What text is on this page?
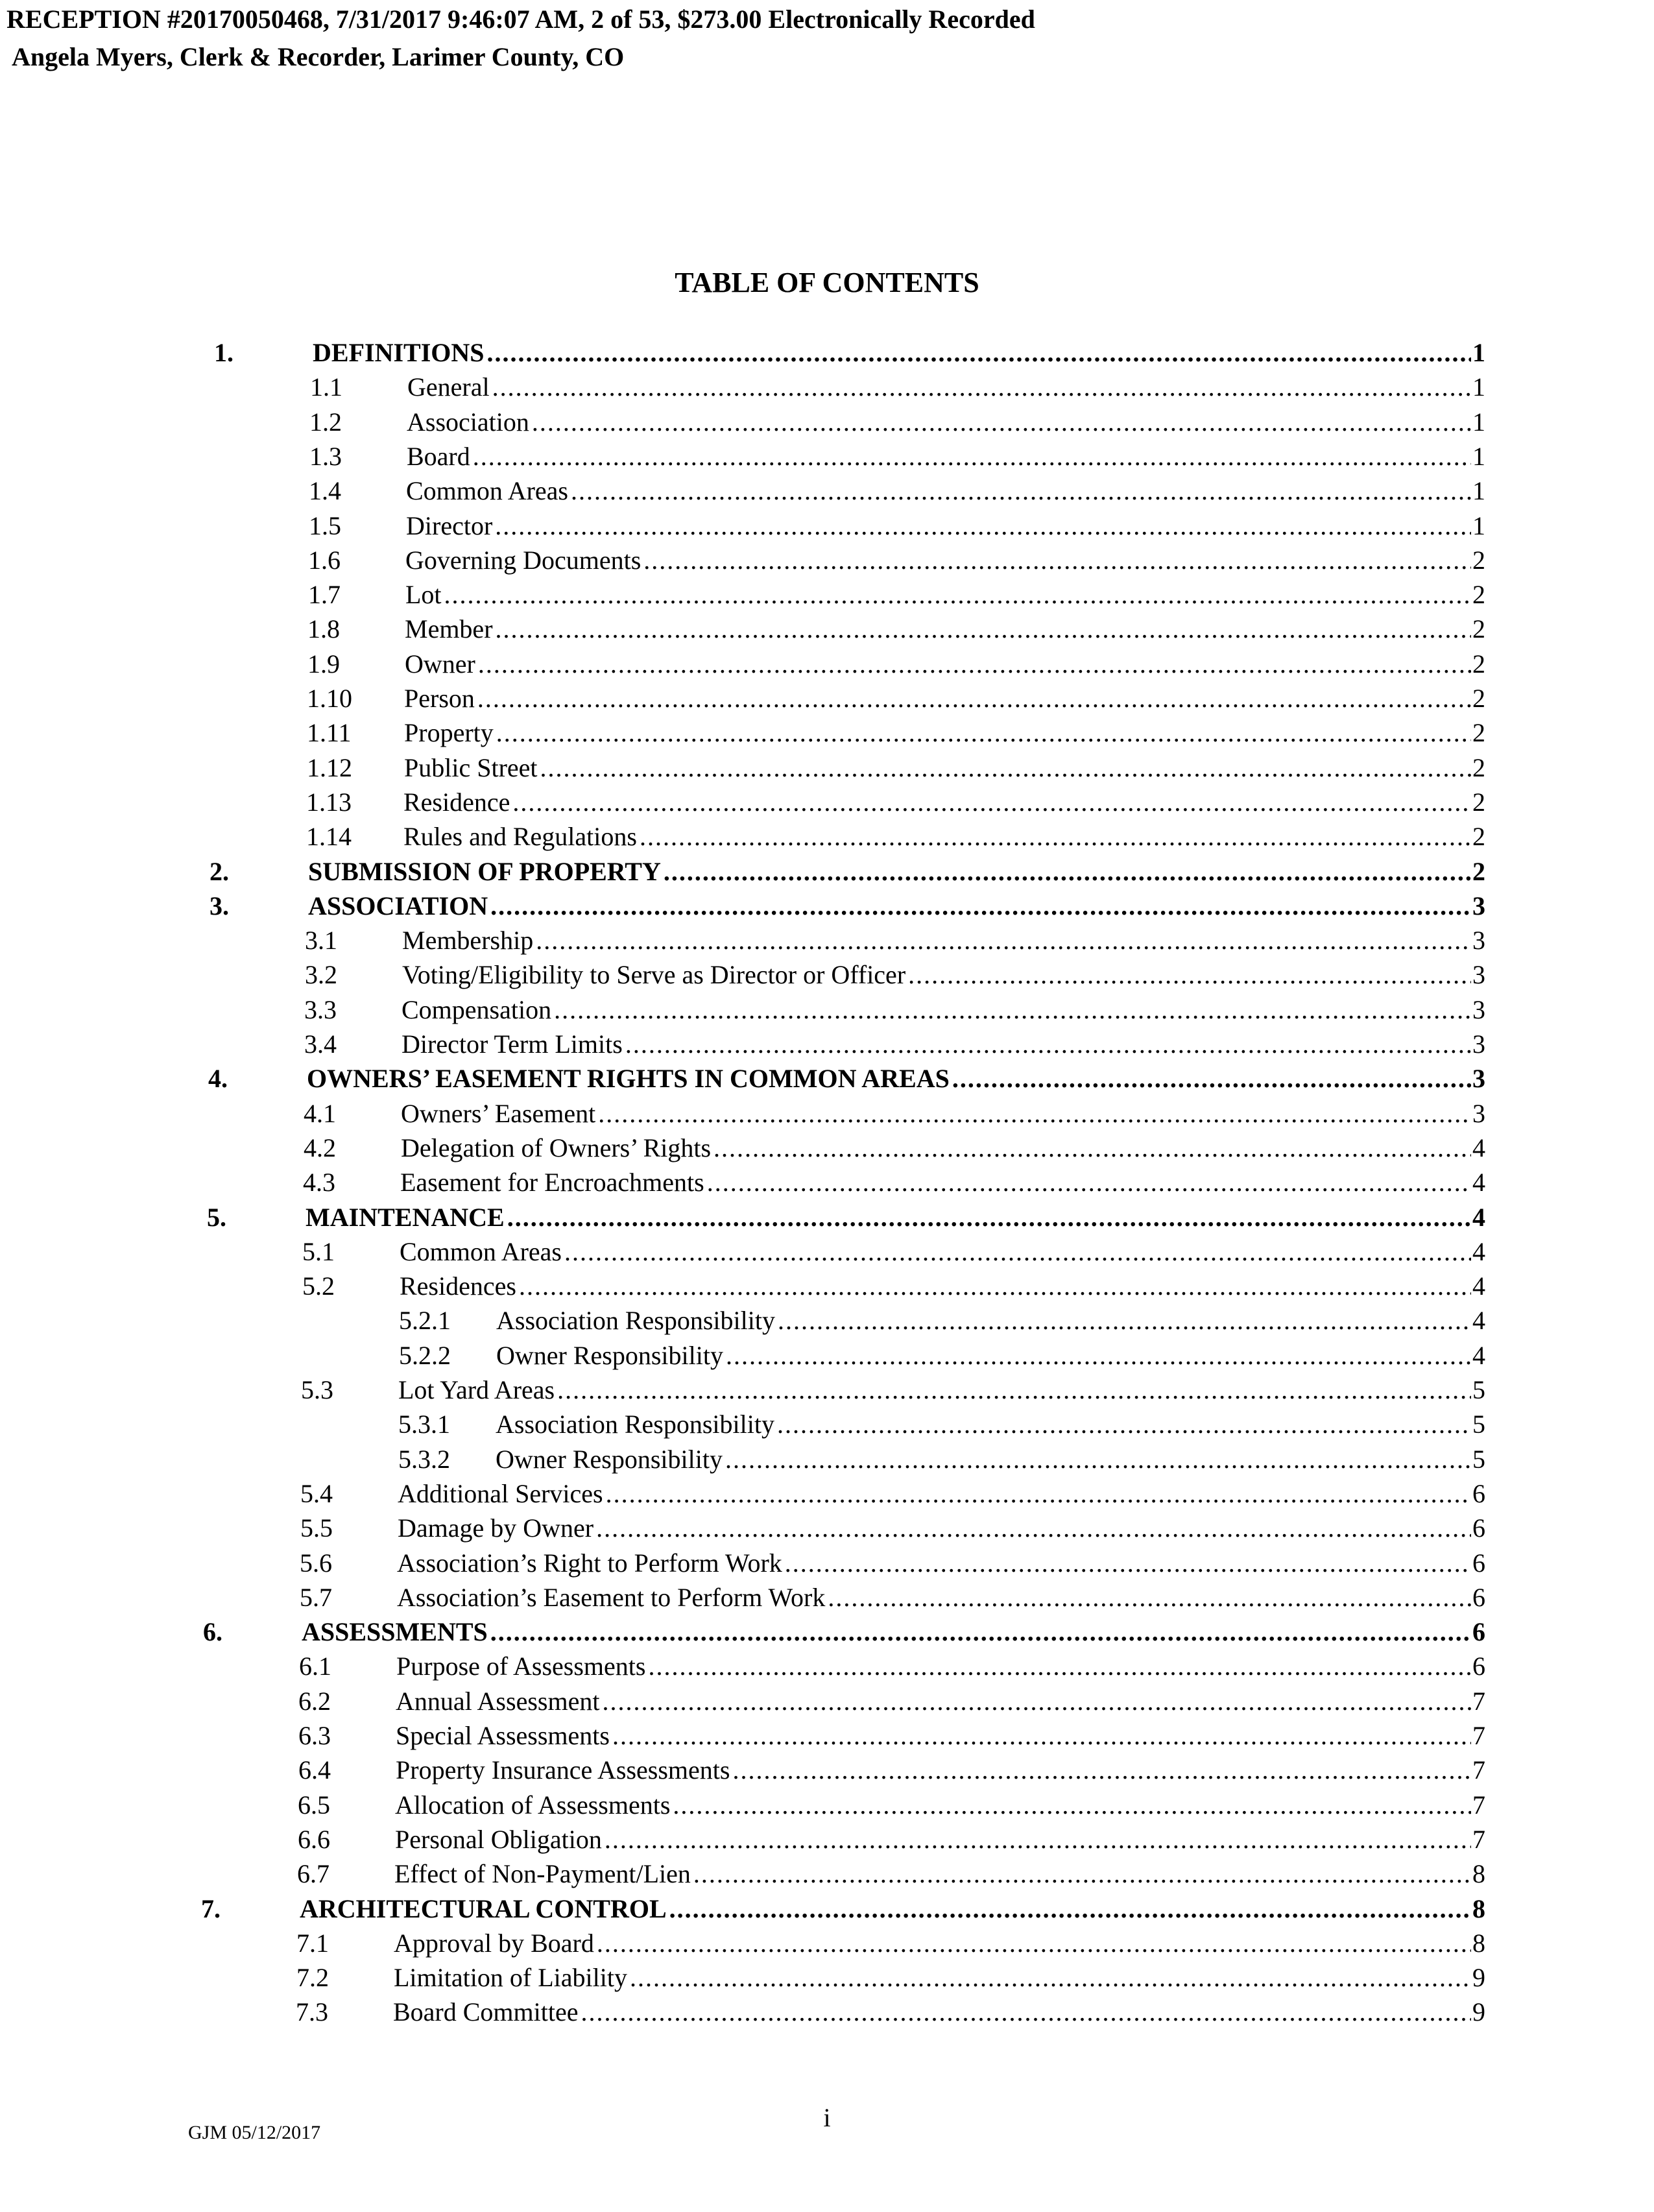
RECEPTION #20170050468, 7/31/2017 9:46:07 AM, 2 of 53, $273.00 Electronically Recorded
Angela Myers, Clerk & Recorder, Larimer County, CO
TABLE OF CONTENTS
1.	DEFINITIONS .....	1
1.1	General .....	1
1.2	Association .....	1
1.3	Board .....	1
1.4	Common Areas .....	1
1.5	Director .....	1
1.6	Governing Documents .....	2
1.7	Lot .....	2
1.8	Member .....	2
1.9	Owner .....	2
1.10 Person .....	2
1.11 Property .....	2
1.12 Public Street .....	2
1.13 Residence .....	2
1.14 Rules and Regulations .....	2
2.	SUBMISSION OF PROPERTY .....	2
3.	ASSOCIATION .....	3
3.1	Membership .....	3
3.2	Voting/Eligibility to Serve as Director or Officer .....	3
3.3	Compensation .....	3
3.4	Director Term Limits .....	3
4.	OWNERS’ EASEMENT RIGHTS IN COMMON AREAS .....	3
4.1	Owners’ Easement .....	3
4.2	Delegation of Owners’ Rights .....	4
4.3	Easement for Encroachments .....	4
5.	MAINTENANCE .....	4
5.1	Common Areas .....	4
5.2	Residences .....	4
5.2.1 Association Responsibility .....	4
5.2.2 Owner Responsibility .....	4
5.3	Lot Yard Areas .....	5
5.3.1 Association Responsibility .....	5
5.3.2 Owner Responsibility .....	5
5.4	Additional Services .....	6
5.5	Damage by Owner .....	6
5.6	Association’s Right to Perform Work .....	6
5.7	Association’s Easement to Perform Work .....	6
6.	ASSESSMENTS .....	6
6.1	Purpose of Assessments .....	6
6.2	Annual Assessment .....	7
6.3	Special Assessments .....	7
6.4	Property Insurance Assessments .....	7
6.5	Allocation of Assessments .....	7
6.6	Personal Obligation .....	7
6.7	Effect of Non-Payment/Lien .....	8
7.	ARCHITECTURAL CONTROL .....	8
7.1	Approval by Board .....	8
7.2	Limitation of Liability .....	9
7.3	Board Committee .....	9
GJM 05/12/2017
i
